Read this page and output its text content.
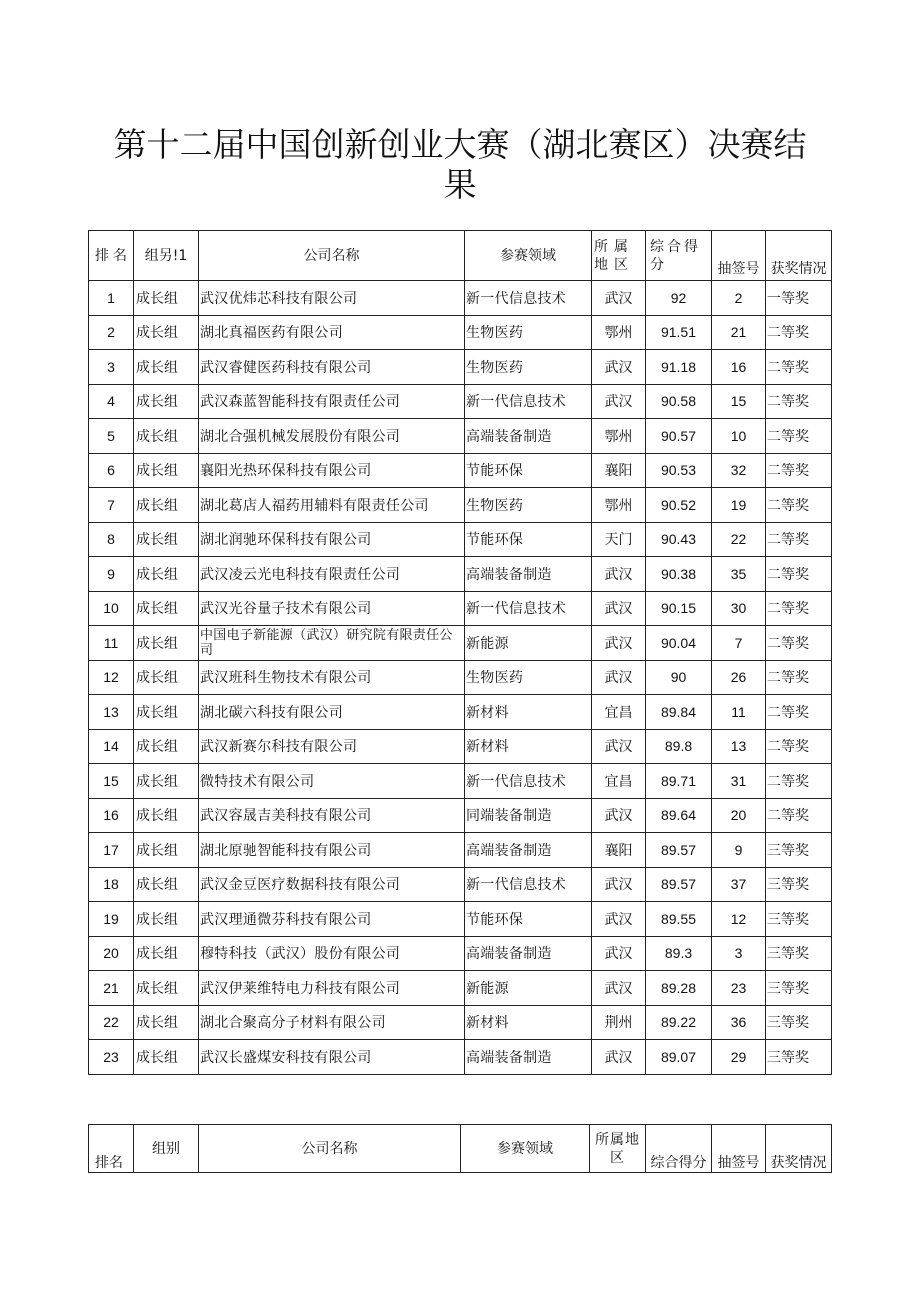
第十二届中国创新创业大赛（湖北赛区）决赛结果
排名	组另!1	公司名称	参赛领域	所属地区	综合得分	抽签号	获奖情况
1	成长组	武汉优炜芯科技有限公司	新一代信息技术	武汉	92	2	一等奖
2	成长组	湖北真福医药有限公司	生物医药	鄂州	91.51	21	二等奖
3	成长组	武汉睿健医药科技有限公司	生物医药	武汉	91.18	16	二等奖
4	成长组	武汉森蓝智能科技有限责任公司	新一代信息技术	武汉	90.58	15	二等奖
5	成长组	湖北合强机械发展股份有限公司	高端装备制造	鄂州	90.57	10	二等奖
6	成长组	襄阳光热环保科技有限公司	节能环保	襄阳	90.53	32	二等奖
7	成长组	湖北葛店人福药用辅料有限责任公司	生物医药	鄂州	90.52	19	二等奖
8	成长组	湖北润驰环保科技有限公司	节能环保	天门	90.43	22	二等奖
9	成长组	武汉凌云光电科技有限责任公司	高端装备制造	武汉	90.38	35	二等奖
10	成长组	武汉光谷量子技术有限公司	新一代信息技术	武汉	90.15	30	二等奖
11	成长组	中国电子新能源（武汉）研究院有限责任公司	新能源	武汉	90.04	7	二等奖
12	成长组	武汉班科生物技术有限公司	生物医药	武汉	90	26	二等奖
13	成长组	湖北碳六科技有限公司	新材料	宜昌	89.84	11	二等奖
14	成长组	武汉新赛尔科技有限公司	新材料	武汉	89.8	13	二等奖
15	成长组	微特技术有限公司	新一代信息技术	宜昌	89.71	31	二等奖
16	成长组	武汉容晟吉美科技有限公司	同端装备制造	武汉	89.64	20	二等奖
17	成长组	湖北原驰智能科技有限公司	高端装备制造	襄阳	89.57	9	三等奖
18	成长组	武汉金豆医疗数据科技有限公司	新一代信息技术	武汉	89.57	37	三等奖
19	成长组	武汉理通微芬科技有限公司	节能环保	武汉	89.55	12	三等奖
20	成长组	穆特科技（武汉）股份有限公司	高端装备制造	武汉	89.3	3	三等奖
21	成长组	武汉伊莱维特电力科技有限公司	新能源	武汉	89.28	23	三等奖
22	成长组	湖北合聚高分子材料有限公司	新材料	荆州	89.22	36	三等奖
23	成长组	武汉长盛煤安科技有限公司	高端装备制造	武汉	89.07	29	三等奖
排名	组别	公司名称	参赛领域	所属地区	综合得分	抽签号	获奖情况
